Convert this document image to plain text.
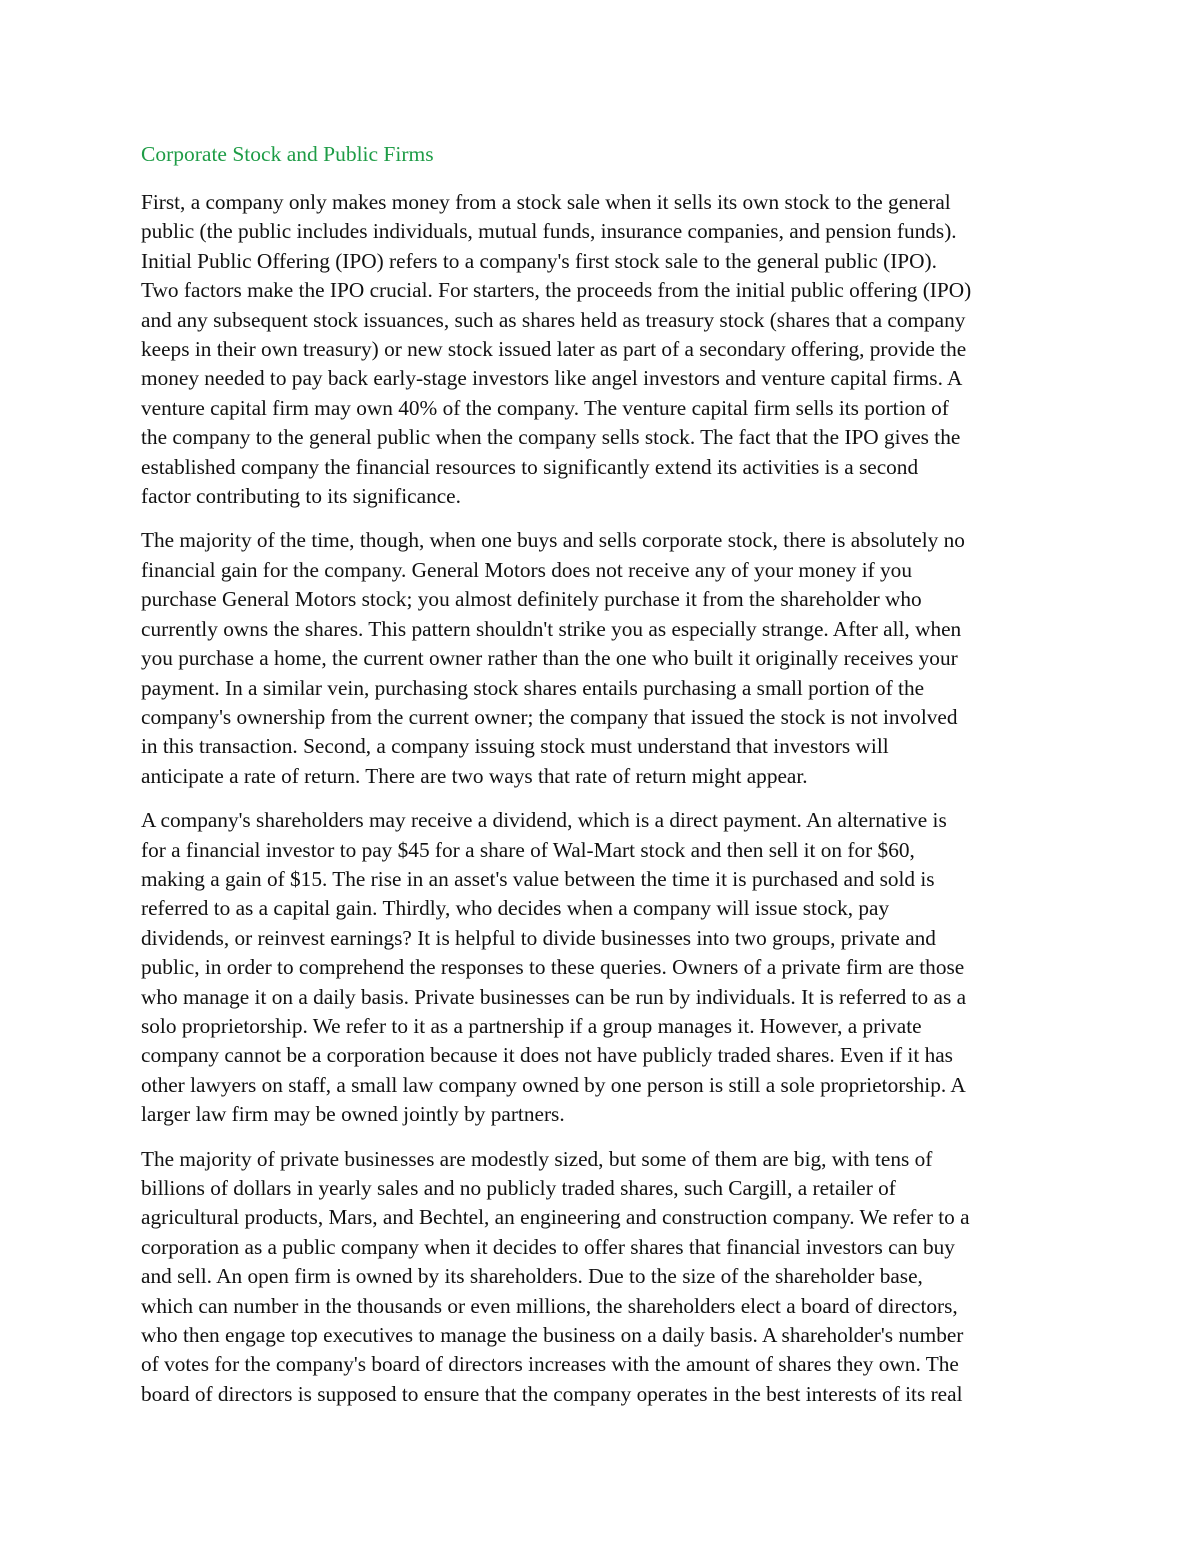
Corporate Stock and Public Firms
First, a company only makes money from a stock sale when it sells its own stock to the general
public (the public includes individuals, mutual funds, insurance companies, and pension funds).
Initial Public Offering (IPO) refers to a company's first stock sale to the general public (IPO).
Two factors make the IPO crucial. For starters, the proceeds from the initial public offering (IPO)
and any subsequent stock issuances, such as shares held as treasury stock (shares that a company
keeps in their own treasury) or new stock issued later as part of a secondary offering, provide the
money needed to pay back early-stage investors like angel investors and venture capital firms. A
venture capital firm may own 40% of the company. The venture capital firm sells its portion of
the company to the general public when the company sells stock. The fact that the IPO gives the
established company the financial resources to significantly extend its activities is a second
factor contributing to its significance.
The majority of the time, though, when one buys and sells corporate stock, there is absolutely no
financial gain for the company. General Motors does not receive any of your money if you
purchase General Motors stock; you almost definitely purchase it from the shareholder who
currently owns the shares. This pattern shouldn't strike you as especially strange. After all, when
you purchase a home, the current owner rather than the one who built it originally receives your
payment. In a similar vein, purchasing stock shares entails purchasing a small portion of the
company's ownership from the current owner; the company that issued the stock is not involved
in this transaction. Second, a company issuing stock must understand that investors will
anticipate a rate of return. There are two ways that rate of return might appear.
A company's shareholders may receive a dividend, which is a direct payment. An alternative is
for a financial investor to pay $45 for a share of Wal-Mart stock and then sell it on for $60,
making a gain of $15. The rise in an asset's value between the time it is purchased and sold is
referred to as a capital gain. Thirdly, who decides when a company will issue stock, pay
dividends, or reinvest earnings? It is helpful to divide businesses into two groups, private and
public, in order to comprehend the responses to these queries. Owners of a private firm are those
who manage it on a daily basis. Private businesses can be run by individuals. It is referred to as a
solo proprietorship. We refer to it as a partnership if a group manages it. However, a private
company cannot be a corporation because it does not have publicly traded shares. Even if it has
other lawyers on staff, a small law company owned by one person is still a sole proprietorship. A
larger law firm may be owned jointly by partners.
The majority of private businesses are modestly sized, but some of them are big, with tens of
billions of dollars in yearly sales and no publicly traded shares, such Cargill, a retailer of
agricultural products, Mars, and Bechtel, an engineering and construction company. We refer to a
corporation as a public company when it decides to offer shares that financial investors can buy
and sell. An open firm is owned by its shareholders. Due to the size of the shareholder base,
which can number in the thousands or even millions, the shareholders elect a board of directors,
who then engage top executives to manage the business on a daily basis. A shareholder's number
of votes for the company's board of directors increases with the amount of shares they own. The
board of directors is supposed to ensure that the company operates in the best interests of its real
